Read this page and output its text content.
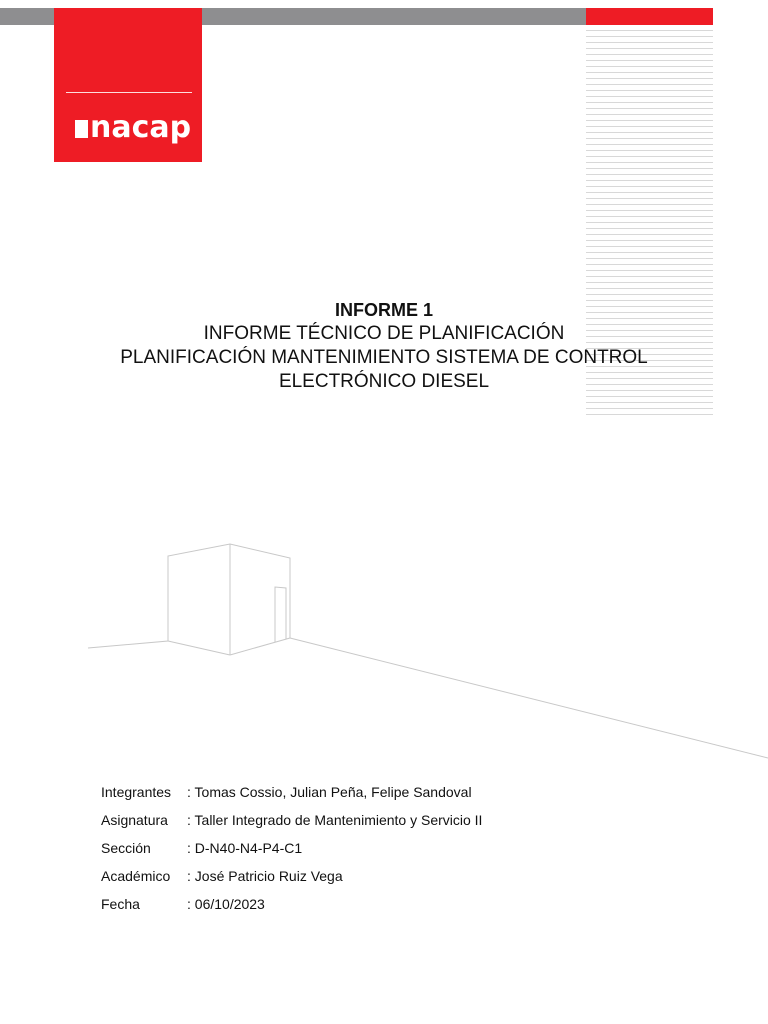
nacap

INFORME 1

INFORME TÉCNICO DE PLANIFICACIÓN

PLANIFICACIÓN MANTENIMIENTO SISTEMA DE CONTROL

ELECTRÓNICO DIESEL

Integrantes	: Tomas Cossio, Julian Peña, Felipe Sandoval
Asignatura	: Taller Integrado de Mantenimiento y Servicio II
Sección	: D-N40-N4-P4-C1
Académico	: José Patricio Ruiz Vega
Fecha	: 06/10/2023
